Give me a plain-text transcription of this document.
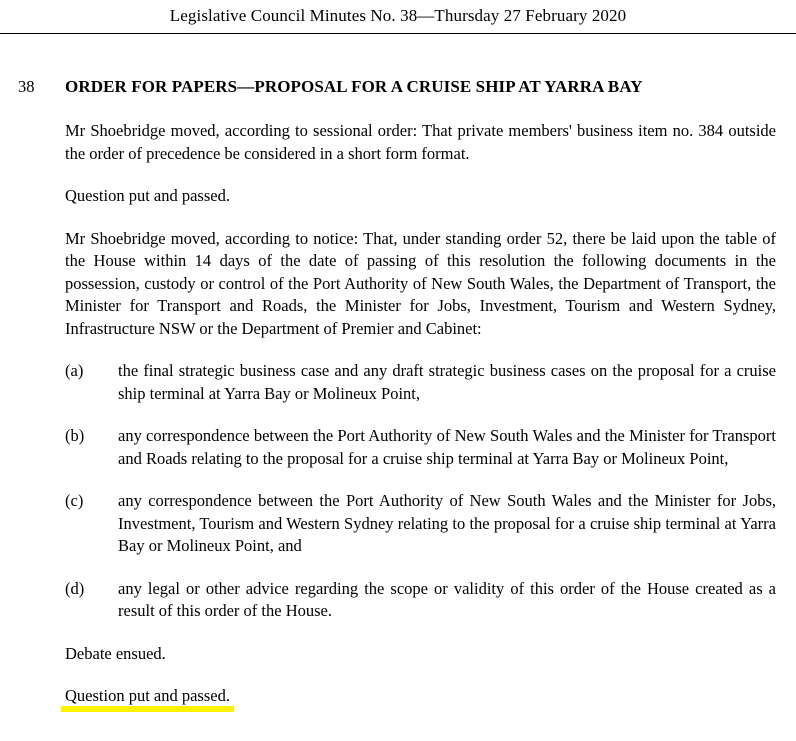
Legislative Council Minutes No. 38—Thursday 27 February 2020
38	ORDER FOR PAPERS—PROPOSAL FOR A CRUISE SHIP AT YARRA BAY

Mr Shoebridge moved, according to sessional order: That private members' business item no. 384 outside the order of precedence be considered in a short form format.

Question put and passed.

Mr Shoebridge moved, according to notice: That, under standing order 52, there be laid upon the table of the House within 14 days of the date of passing of this resolution the following documents in the possession, custody or control of the Port Authority of New South Wales, the Department of Transport, the Minister for Transport and Roads, the Minister for Jobs, Investment, Tourism and Western Sydney, Infrastructure NSW or the Department of Premier and Cabinet:

(a)	the final strategic business case and any draft strategic business cases on the proposal for a cruise ship terminal at Yarra Bay or Molineux Point,
(b)	any correspondence between the Port Authority of New South Wales and the Minister for Transport and Roads relating to the proposal for a cruise ship terminal at Yarra Bay or Molineux Point,
(c)	any correspondence between the Port Authority of New South Wales and the Minister for Jobs, Investment, Tourism and Western Sydney relating to the proposal for a cruise ship terminal at Yarra Bay or Molineux Point, and
(d)	any legal or other advice regarding the scope or validity of this order of the House created as a result of this order of the House.

Debate ensued.

Question put and passed.
